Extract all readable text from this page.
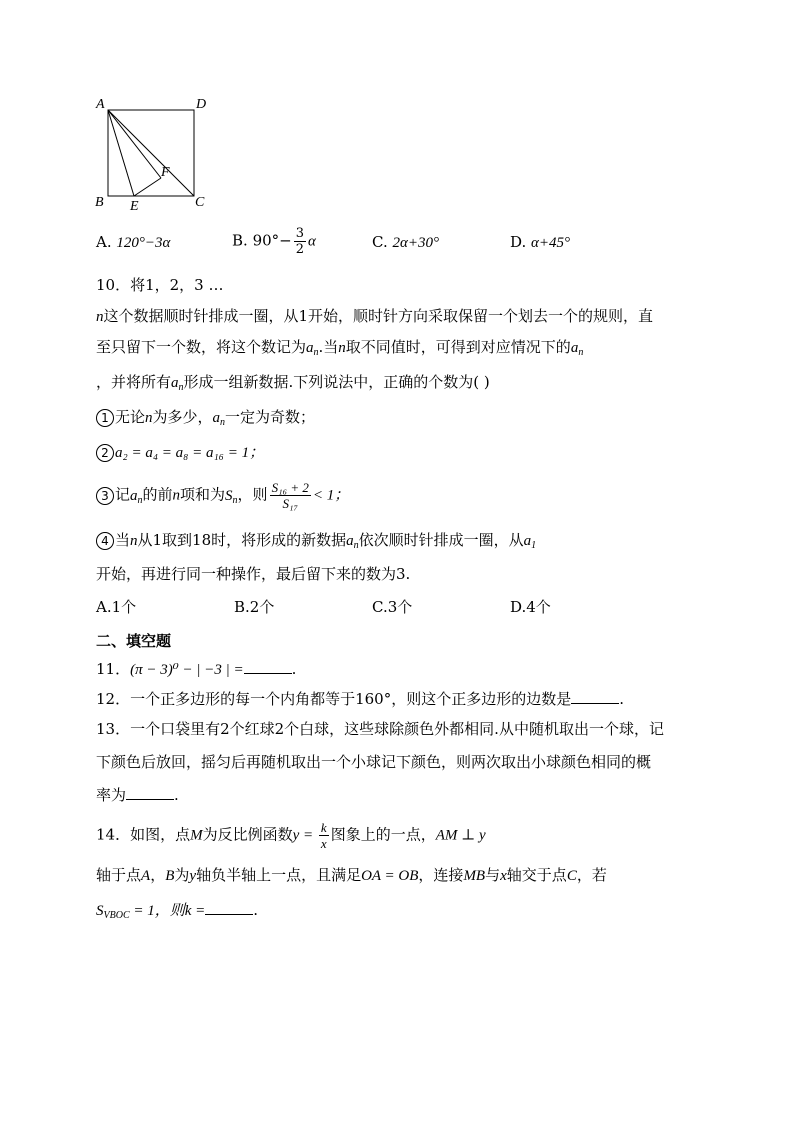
A	D
B E	C
F
A. 120°−3α	B. $90^\circ- \frac{3}{2}$ α	C. 2α+30°	D. α+45°
10．将1，2，3 …
n这个数据顺时针排成一圈，从1开始，顺时针方向采取保留一个划去一个的规则，直
至只留下一个数，将这个数记为$a_n$.当n取不同值时，可得到对应情况下的$a_n$
，并将所有$a_n$形成一组新数据.下列说法中，正确的个数为( )
1 无论n为多少，$a_n$一定为奇数；
2 a₂ = a₄ = a₈ = a₁₆ = 1；
3 记$a_n$的前n项和为$S_n$，则 $\frac{\text{S₁₆ + 2}}{\text{S₁₇}} < 1$；
4 当n从1取到18时，将形成的新数据$a_n$依次顺时针排成一圈，从$a_1$
开始，再进行同一种操作，最后留下来的数为3.
A.1个	B.2个	C.3个	D.4个
二、填空题
11．(π − 3)⁰ − | −3 | =	.
12．一个正多边形的每一个内角都等于160°，则这个正多边形的边数是	.
13．一个口袋里有2个红球2个白球，这些球除颜色外都相同.从中随机取出一个球，记
下颜色后放回，摇匀后再随机取出一个小球记下颜色，则两次取出小球颜色相同的概
率为	.
14．如图，点M为反比例函数$y = \frac{k}{x}$ 图象上的一点，AM ⊥ y
轴于点A，B为y轴负半轴上一点，且满足OA = OB，连接MB与x轴交于点C，若
$S_{VBOC} = 1$，则k =	.
